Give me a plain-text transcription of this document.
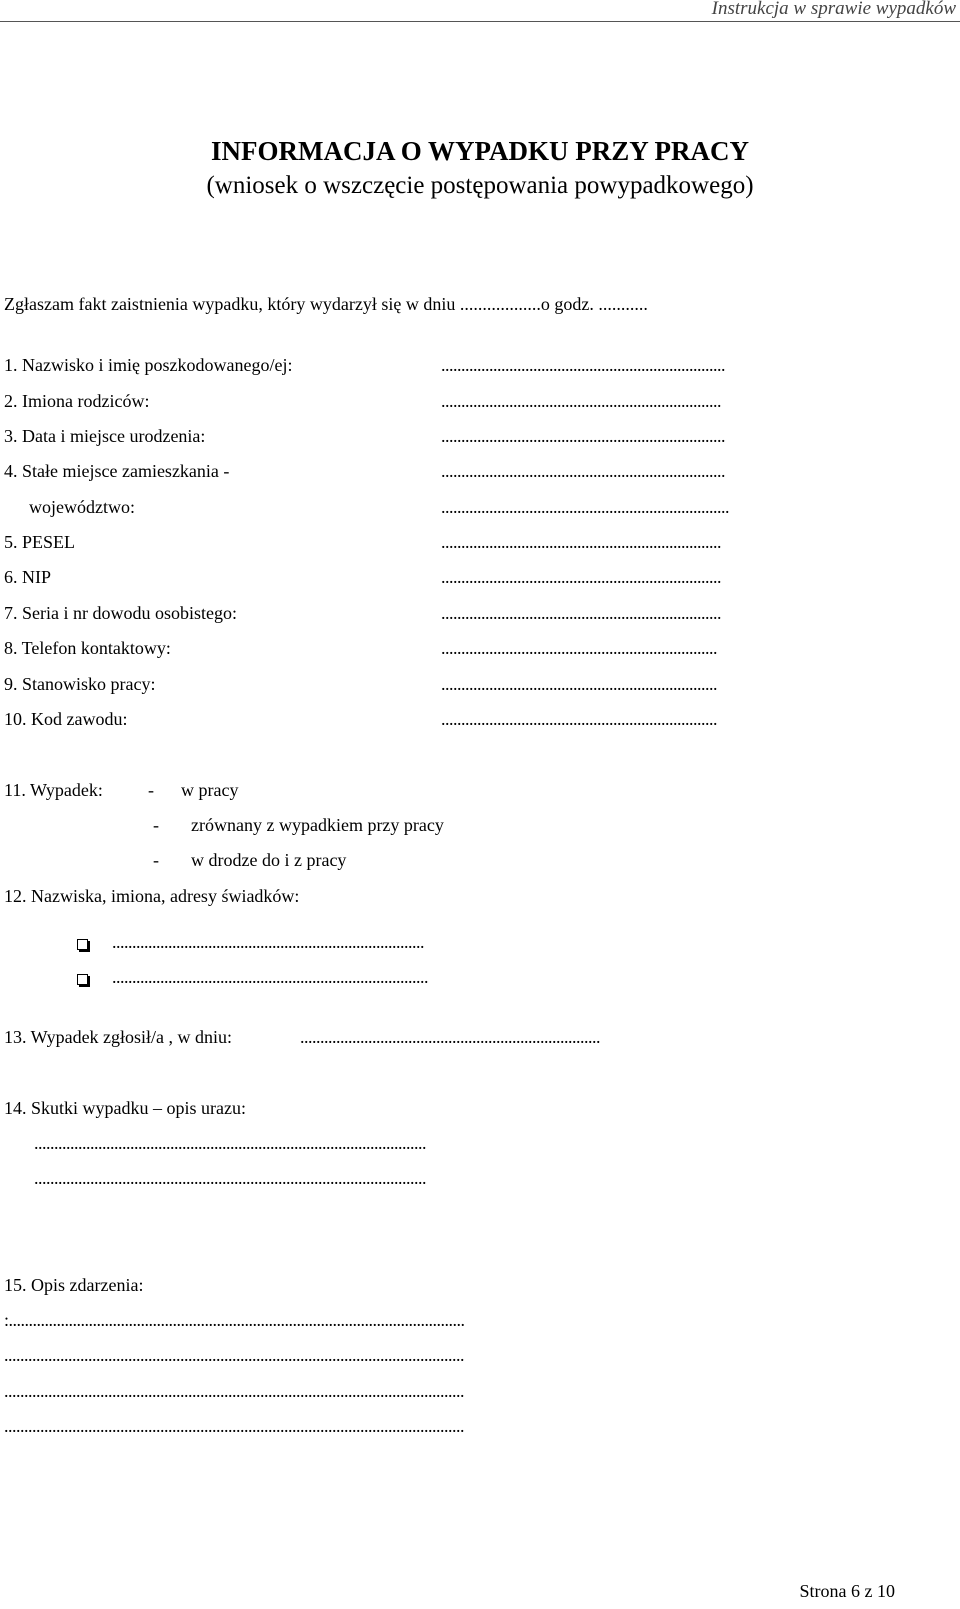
Instrukcja w sprawie wypadków
INFORMACJA O WYPADKU PRZY PRACY
(wniosek o wszczęcie postępowania powypadkowego)
Zgłaszam fakt zaistnienia wypadku, który wydarzył się w dniu ..................o godz. ...........
1. Nazwisko i imię poszkodowanego/ej:	.......................................................................
2. Imiona rodziców:	......................................................................
3. Data i miejsce urodzenia:	.......................................................................
4. Stałe miejsce zamieszkania -	.......................................................................
województwo:	........................................................................
5. PESEL	......................................................................
6. NIP	......................................................................
7. Seria i nr dowodu osobistego:	......................................................................
8. Telefon kontaktowy:	.....................................................................
9. Stanowisko pracy:	.....................................................................
10. Kod zawodu:	.....................................................................
11. Wypadek:	- w pracy
- zrównany z wypadkiem przy pracy
- w drodze do i z pracy
12. Nazwiska, imiona, adresy świadków:
..............................................................................
...............................................................................
13. Wypadek zgłosił/a , w dniu:	...........................................................................
14. Skutki wypadku – opis urazu:
..................................................................................................
..................................................................................................
15. Opis zdarzenia:
:..................................................................................................................
...................................................................................................................
...................................................................................................................
...................................................................................................................
Strona 6 z 10
